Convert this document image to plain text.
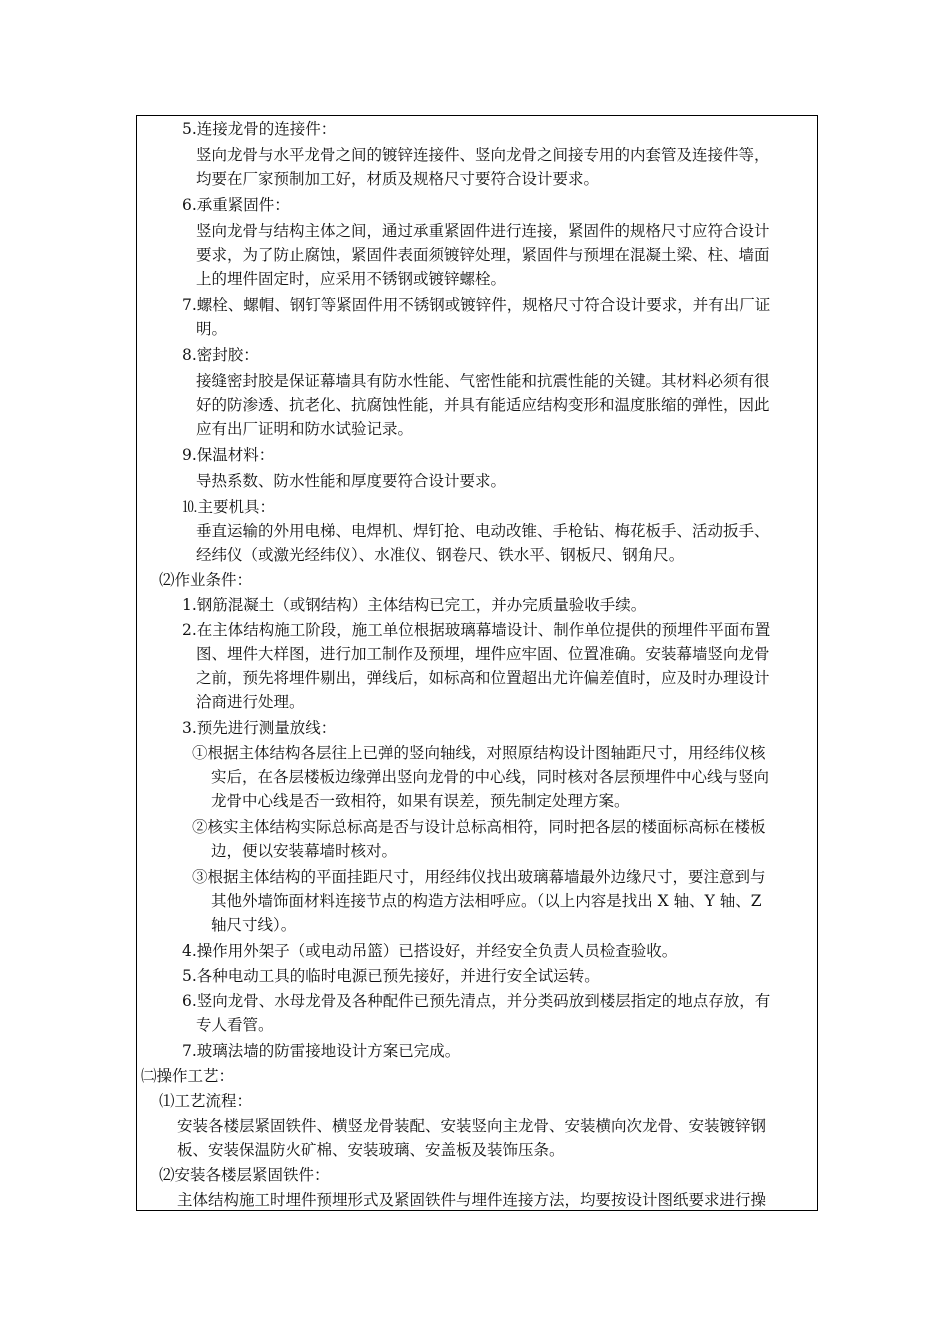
5.连接龙骨的连接件：
竖向龙骨与水平龙骨之间的镀锌连接件、竖向龙骨之间接专用的内套管及连接件等，
均要在厂家预制加工好，材质及规格尺寸要符合设计要求。
6.承重紧固件：
竖向龙骨与结构主体之间，通过承重紧固件进行连接，紧固件的规格尺寸应符合设计
要求，为了防止腐蚀，紧固件表面须镀锌处理，紧固件与预埋在混凝土梁、柱、墙面
上的埋件固定时，应采用不锈钢或镀锌螺栓。
7.螺栓、螺帽、钢钉等紧固件用不锈钢或镀锌件，规格尺寸符合设计要求，并有出厂证
明。
8.密封胶：
接缝密封胶是保证幕墙具有防水性能、气密性能和抗震性能的关键。其材料必须有很
好的防渗透、抗老化、抗腐蚀性能，并具有能适应结构变形和温度胀缩的弹性，因此
应有出厂证明和防水试验记录。
9.保温材料：
导热系数、防水性能和厚度要符合设计要求。
⒑主要机具：
垂直运输的外用电梯、电焊机、焊钉抢、电动改锥、手枪钻、梅花板手、活动扳手、
经纬仪（或激光经纬仪）、水准仪、钢卷尺、铁水平、钢板尺、钢角尺。
⑵作业条件：
1.钢筋混凝土（或钢结构）主体结构已完工，并办完质量验收手续。
2.在主体结构施工阶段，施工单位根据玻璃幕墙设计、制作单位提供的预埋件平面布置
图、埋件大样图，进行加工制作及预埋，埋件应牢固、位置准确。安装幕墙竖向龙骨
之前，预先将埋件剔出，弹线后，如标高和位置超出尤许偏差值时，应及时办理设计
洽商进行处理。
3.预先进行测量放线：
①根据主体结构各层往上已弹的竖向轴线，对照原结构设计图轴距尺寸，用经纬仪核
实后，在各层楼板边缘弹出竖向龙骨的中心线，同时核对各层预埋件中心线与竖向
龙骨中心线是否一致相符，如果有误差，预先制定处理方案。
②核实主体结构实际总标高是否与设计总标高相符，同时把各层的楼面标高标在楼板
边，便以安装幕墙时核对。
③根据主体结构的平面挂距尺寸，用经纬仪找出玻璃幕墙最外边缘尺寸，要注意到与
其他外墙饰面材料连接节点的构造方法相呼应。（以上内容是找出 X 轴、Y 轴、Z
轴尺寸线）。
4.操作用外架子（或电动吊篮）已搭设好，并经安全负责人员检查验收。
5.各种电动工具的临时电源已预先接好，并进行安全试运转。
6.竖向龙骨、水母龙骨及各种配件已预先清点，并分类码放到楼层指定的地点存放，有
专人看管。
7.玻璃法墙的防雷接地设计方案已完成。
㈡操作工艺：
⑴工艺流程：
安装各楼层紧固铁件、横竖龙骨装配、安装竖向主龙骨、安装横向次龙骨、安装镀锌钢
板、安装保温防火矿棉、安装玻璃、安盖板及装饰压条。
⑵安装各楼层紧固铁件：
主体结构施工时埋件预埋形式及紧固铁件与埋件连接方法，均要按设计图纸要求进行操
